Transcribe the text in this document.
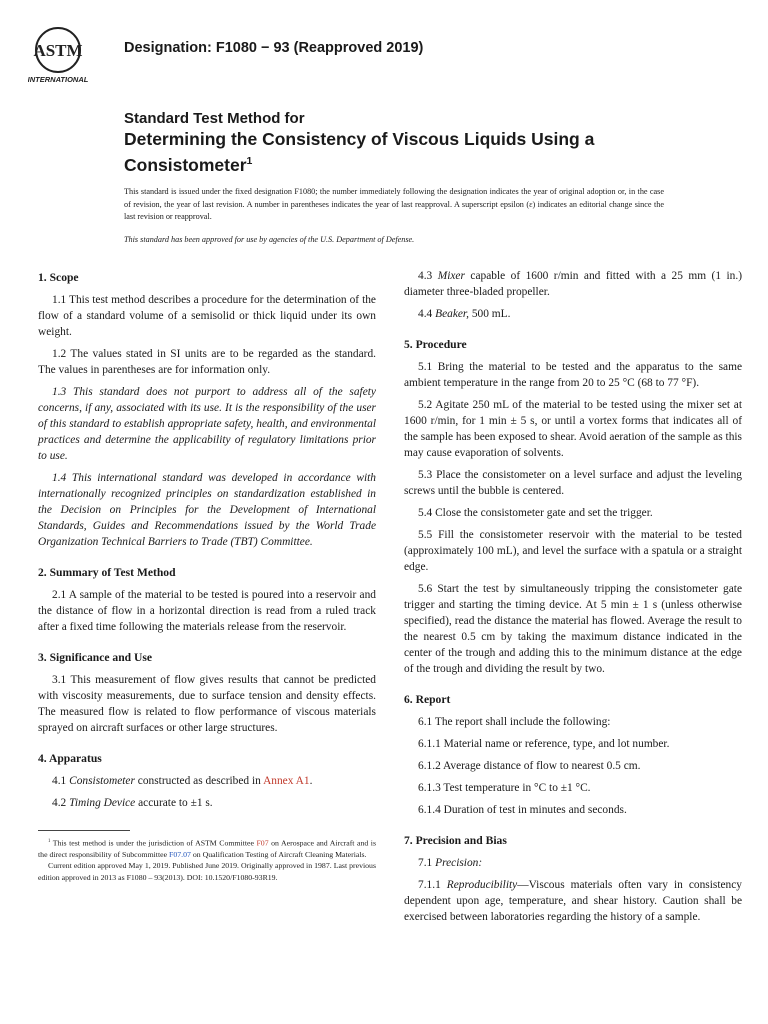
ASTM
INTERNATIONAL
Designation: F1080 − 93 (Reapproved 2019)
Standard Test Method for
Determining the Consistency of Viscous Liquids Using a
Consistometer$^1$
This standard is issued under the fixed designation F1080; the number immediately following the designation indicates the year of original adoption or, in the case of revision, the year of last revision. A number in parentheses indicates the year of last reapproval. A superscript epsilon (ε) indicates an editorial change since the last revision or reapproval.
This standard has been approved for use by agencies of the U.S. Department of Defense.
1. Scope

1.1 This test method describes a procedure for the determination of the flow of a standard volume of a semisolid or thick liquid under its own weight.

1.2 The values stated in SI units are to be regarded as the standard. The values in parentheses are for information only.

1.3 This standard does not purport to address all of the safety concerns, if any, associated with its use. It is the responsibility of the user of this standard to establish appropriate safety, health, and environmental practices and determine the applicability of regulatory limitations prior to use.

1.4 This international standard was developed in accordance with internationally recognized principles on standardization established in the Decision on Principles for the Development of International Standards, Guides and Recommendations issued by the World Trade Organization Technical Barriers to Trade (TBT) Committee.

2. Summary of Test Method

2.1 A sample of the material to be tested is poured into a reservoir and the distance of flow in a horizontal direction is read from a ruled track after a fixed time following the materials release from the reservoir.

3. Significance and Use

3.1 This measurement of flow gives results that cannot be predicted with viscosity measurements, due to surface tension and density effects. The measured flow is related to flow performance of viscous materials sprayed on aircraft surfaces or other large structures.

4. Apparatus

4.1 Consistometer constructed as described in Annex A1.

4.2 Timing Device accurate to ±1 s.

$^1$ This test method is under the jurisdiction of ASTM Committee F07 on Aerospace and Aircraft and is the direct responsibility of Subcommittee F07.07 on Qualification Testing of Aircraft Cleaning Materials.

Current edition approved May 1, 2019. Published June 2019. Originally approved in 1987. Last previous edition approved in 2013 as F1080 – 93(2013). DOI: 10.1520/F1080-93R19.

4.3 Mixer capable of 1600 r/min and fitted with a 25 mm (1 in.) diameter three-bladed propeller.

4.4 Beaker, 500 mL.

5. Procedure

5.1 Bring the material to be tested and the apparatus to the same ambient temperature in the range from 20 to 25 °C (68 to 77 °F).

5.2 Agitate 250 mL of the material to be tested using the mixer set at 1600 r/min, for 1 min ± 5 s, or until a vortex forms that indicates all of the sample has been exposed to shear. Avoid aeration of the sample as this may cause evaporation of solvents.

5.3 Place the consistometer on a level surface and adjust the leveling screws until the bubble is centered.

5.4 Close the consistometer gate and set the trigger.

5.5 Fill the consistometer reservoir with the material to be tested (approximately 100 mL), and level the surface with a spatula or a straight edge.

5.6 Start the test by simultaneously tripping the consistometer gate trigger and starting the timing device. At 5 min ± 1 s (unless otherwise specified), read the distance the material has flowed. Average the result to the nearest 0.5 cm by taking the maximum distance indicated in the center of the trough and adding this to the minimum distance at the edge of the trough and dividing the result by two.

6. Report

6.1 The report shall include the following:

6.1.1 Material name or reference, type, and lot number.

6.1.2 Average distance of flow to nearest 0.5 cm.

6.1.3 Test temperature in °C to ±1 °C.

6.1.4 Duration of test in minutes and seconds.

7. Precision and Bias

7.1 Precision:

7.1.1 Reproducibility—Viscous materials often vary in consistency dependent upon age, temperature, and shear history. Caution shall be exercised between laboratories regarding the history of a sample.
